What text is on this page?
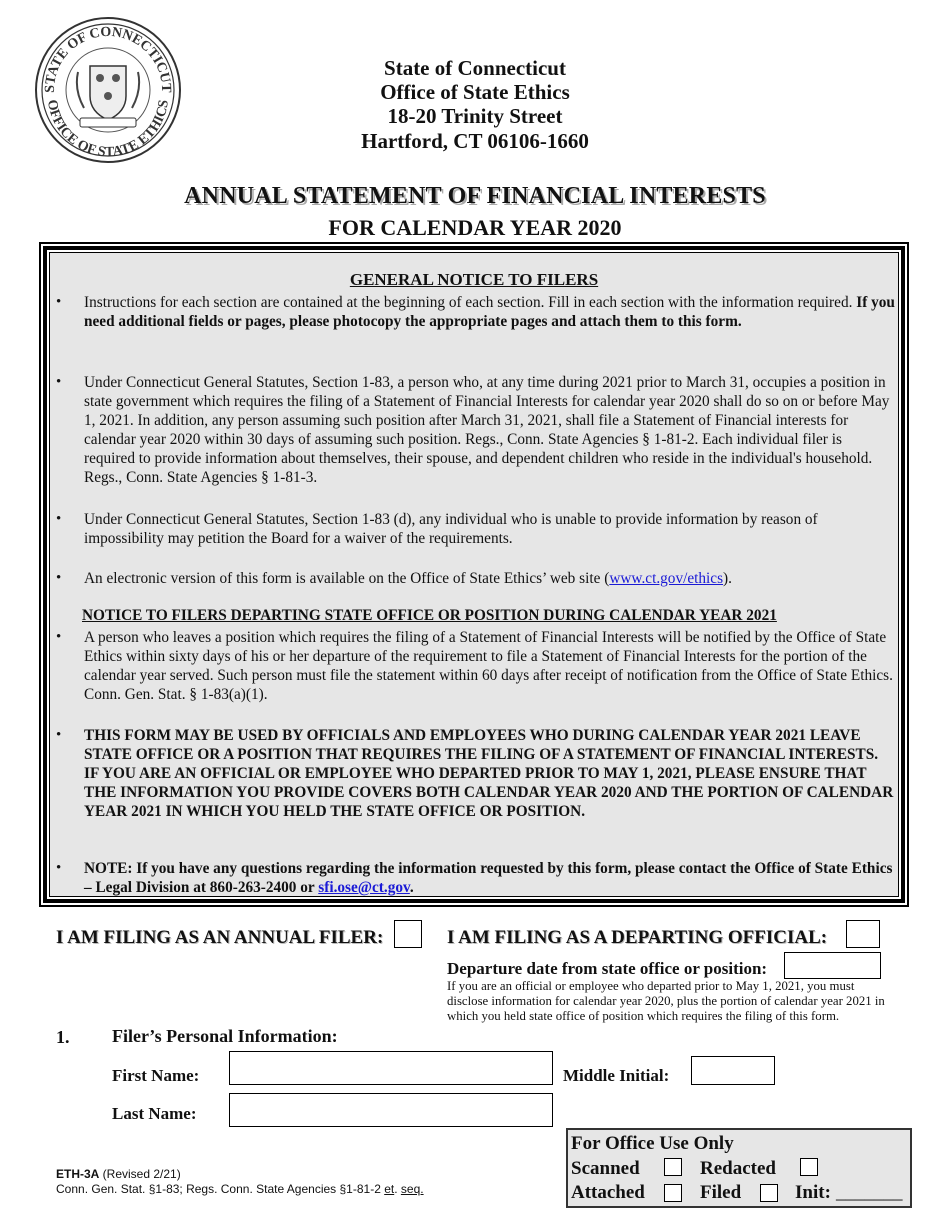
STATE OF CONNECTICUT
OFFICE OF STATE ETHICS
State of Connecticut
Office of State Ethics
18-20 Trinity Street
Hartford, CT 06106-1660
ANNUAL STATEMENT OF FINANCIAL INTERESTS
FOR CALENDAR YEAR 2020
GENERAL NOTICE TO FILERS
• Instructions for each section are contained at the beginning of each section. Fill in each section with the information required. If you need additional fields or pages, please photocopy the appropriate pages and attach them to this form.
• Under Connecticut General Statutes, Section 1-83, a person who, at any time during 2021 prior to March 31, occupies a position in state government which requires the filing of a Statement of Financial Interests for calendar year 2020 shall do so on or before May 1, 2021. In addition, any person assuming such position after March 31, 2021, shall file a Statement of Financial interests for calendar year 2020 within 30 days of assuming such position. Regs., Conn. State Agencies § 1-81-2. Each individual filer is required to provide information about themselves, their spouse, and dependent children who reside in the individual's household. Regs., Conn. State Agencies § 1-81-3.
• Under Connecticut General Statutes, Section 1-83 (d), any individual who is unable to provide information by reason of impossibility may petition the Board for a waiver of the requirements.
• An electronic version of this form is available on the Office of State Ethics’ web site (www.ct.gov/ethics).
NOTICE TO FILERS DEPARTING STATE OFFICE OR POSITION DURING CALENDAR YEAR 2021
• A person who leaves a position which requires the filing of a Statement of Financial Interests will be notified by the Office of State Ethics within sixty days of his or her departure of the requirement to file a Statement of Financial Interests for the portion of the calendar year served. Such person must file the statement within 60 days after receipt of notification from the Office of State Ethics. Conn. Gen. Stat. § 1-83(a)(1).
• THIS FORM MAY BE USED BY OFFICIALS AND EMPLOYEES WHO DURING CALENDAR YEAR 2021 LEAVE STATE OFFICE OR A POSITION THAT REQUIRES THE FILING OF A STATEMENT OF FINANCIAL INTERESTS. IF YOU ARE AN OFFICIAL OR EMPLOYEE WHO DEPARTED PRIOR TO MAY 1, 2021, PLEASE ENSURE THAT THE INFORMATION YOU PROVIDE COVERS BOTH CALENDAR YEAR 2020 AND THE PORTION OF CALENDAR YEAR 2021 IN WHICH YOU HELD THE STATE OFFICE OR POSITION.
• NOTE: If you have any questions regarding the information requested by this form, please contact the Office of State Ethics – Legal Division at 860-263-2400 or sfi.ose@ct.gov.
I AM FILING AS AN ANNUAL FILER:	I AM FILING AS A DEPARTING OFFICIAL:
Departure date from state office or position:
If you are an official or employee who departed prior to May 1, 2021, you must disclose information for calendar year 2020, plus the portion of calendar year 2021 in which you held state office of position which requires the filing of this form.
1. Filer’s Personal Information:
First Name:	Middle Initial:
Last Name:
ETH-3A (Revised 2/21)
Conn. Gen. Stat. §1-83; Regs. Conn. State Agencies §1-81-2 et. seq.
For Office Use Only
Scanned	Redacted
Attached	Filed	Init: _______
